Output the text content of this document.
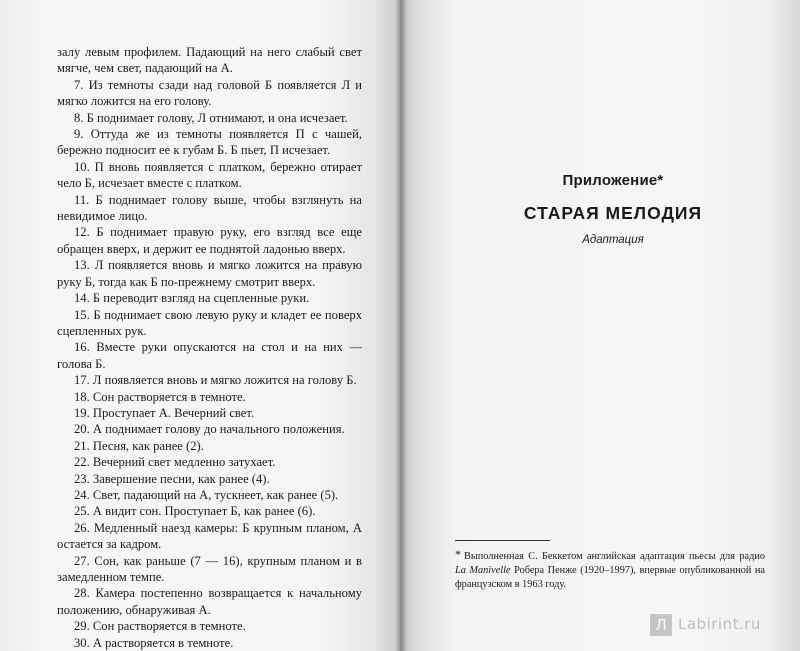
залу левым профилем. Падающий на него слабый свет мягче, чем свет, падающий на А.

7. Из темноты сзади над головой Б появляется Л и мягко ложится на его голову.

8. Б поднимает голову, Л отнимают, и она исчезает.

9. Оттуда же из темноты появляется П с чашей, бережно подносит ее к губам Б. Б пьет, П исчезает.

10. П вновь появляется с платком, бережно отирает чело Б, исчезает вместе с платком.

11. Б поднимает голову выше, чтобы взглянуть на невидимое лицо.

12. Б поднимает правую руку, его взгляд все еще обращен вверх, и держит ее поднятой ладонью вверх.

13. Л появляется вновь и мягко ложится на правую руку Б, тогда как Б по-прежнему смотрит вверх.

14. Б переводит взгляд на сцепленные руки.

15. Б поднимает свою левую руку и кладет ее поверх сцепленных рук.

16. Вместе руки опускаются на стол и на них — голова Б.

17. Л появляется вновь и мягко ложится на голову Б.

18. Сон растворяется в темноте.

19. Проступает А. Вечерний свет.

20. А поднимает голову до начального положения.

21. Песня, как ранее (2).

22. Вечерний свет медленно затухает.

23. Завершение песни, как ранее (4).

24. Свет, падающий на А, тускнеет, как ранее (5).

25. А видит сон. Проступает Б, как ранее (6).

26. Медленный наезд камеры: Б крупным планом, А остается за кадром.

27. Сон, как раньше (7 — 16), крупным планом и в замедленном темпе.

28. Камера постепенно возвращается к начальному положению, обнаруживая А.

29. Сон растворяется в темноте.

30. А растворяется в темноте.

Приложение*
СТАРАЯ МЕЛОДИЯ
Адаптация
* Выполненная С. Беккетом английская адаптация пьесы для радио La Manivelle Робера Пенже (1920–1997), впервые опубликованной на французском в 1963 году.
Л Labirint.ru
